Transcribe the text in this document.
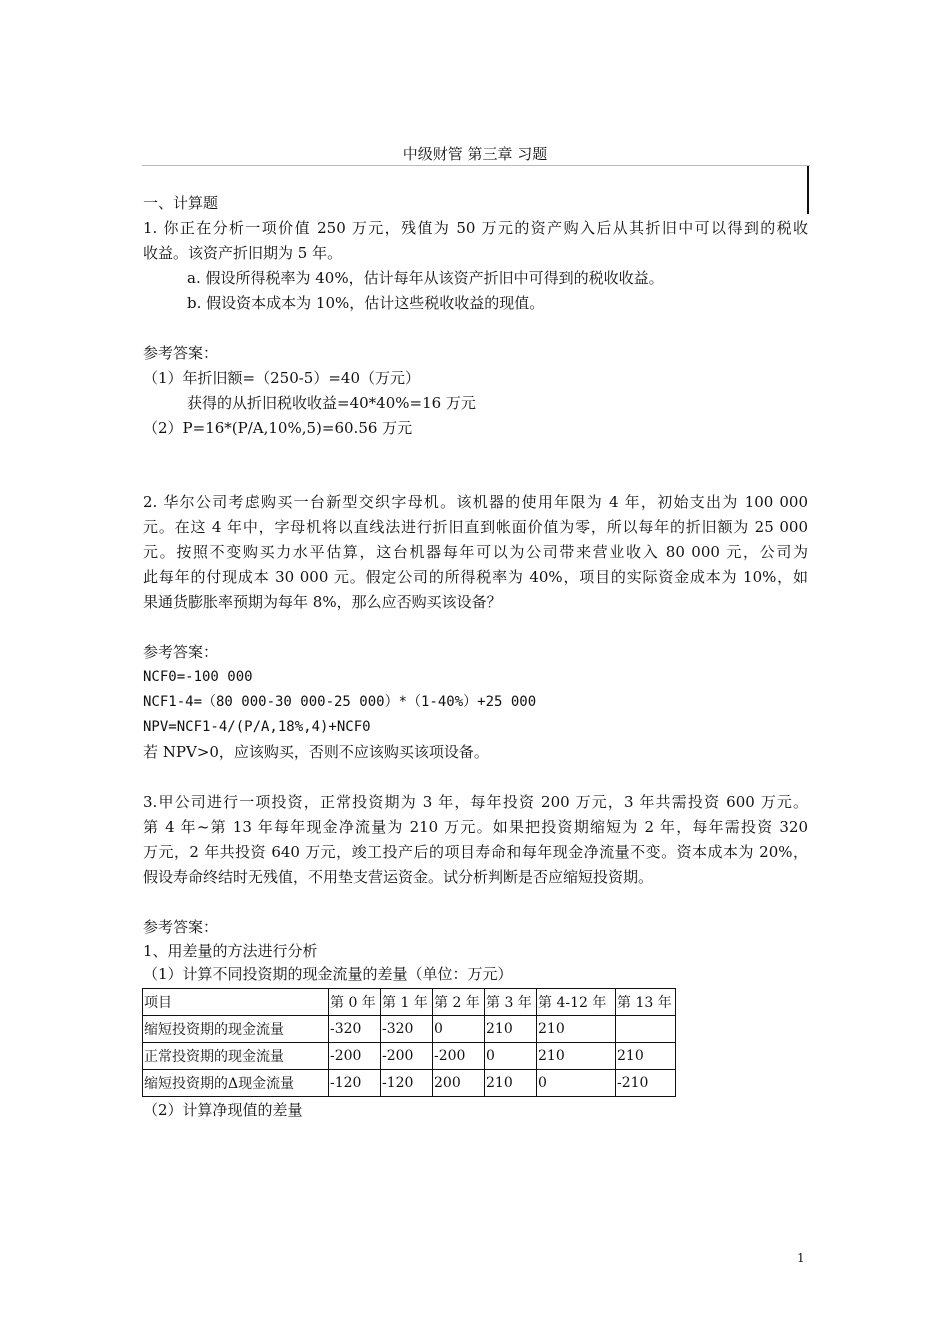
中级财管 第三章 习题
一、计算题
1. 你正在分析一项价值 250 万元，残值为 50 万元的资产购入后从其折旧中可以得到的税收
收益。该资产折旧期为 5 年。
a. 假设所得税率为 40%，估计每年从该资产折旧中可得到的税收收益。
b. 假设资本成本为 10%，估计这些税收收益的现值。
参考答案：
（1）年折旧额=（250-5）=40（万元）
获得的从折旧税收收益=40*40%=16 万元
（2）P=16*(P/A,10%,5)=60.56 万元
2. 华尔公司考虑购买一台新型交织字母机。该机器的使用年限为 4 年，初始支出为 100 000
元。在这 4 年中，字母机将以直线法进行折旧直到帐面价值为零，所以每年的折旧额为 25 000
元。按照不变购买力水平估算，这台机器每年可以为公司带来营业收入 80 000 元，公司为
此每年的付现成本 30 000 元。假定公司的所得税率为 40%，项目的实际资金成本为 10%，如
果通货膨胀率预期为每年 8%，那么应否购买该设备？
参考答案：
NCF0=-100 000
NCF1-4=（80 000-30 000-25 000）*（1-40%）+25 000
NPV=NCF1-4/(P/A,18%,4)+NCF0
若 NPV>0，应该购买，否则不应该购买该项设备。
3.甲公司进行一项投资，正常投资期为 3 年，每年投资 200 万元，3 年共需投资 600 万元。
第 4 年~第 13 年每年现金净流量为 210 万元。如果把投资期缩短为 2 年，每年需投资 320
万元，2 年共投资 640 万元，竣工投产后的项目寿命和每年现金净流量不变。资本成本为 20%，
假设寿命终结时无残值，不用垫支营运资金。试分析判断是否应缩短投资期。
参考答案：
1、用差量的方法进行分析
（1）计算不同投资期的现金流量的差量（单位：万元）
项目	第 0 年	第 1 年	第 2 年	第 3 年	第 4-12 年	第 13 年
缩短投资期的现金流量	-320	-320	0	210	210	
正常投资期的现金流量	-200	-200	-200	0	210	210
缩短投资期的Δ现金流量	-120	-120	200	210	0	-210
（2）计算净现值的差量
1
